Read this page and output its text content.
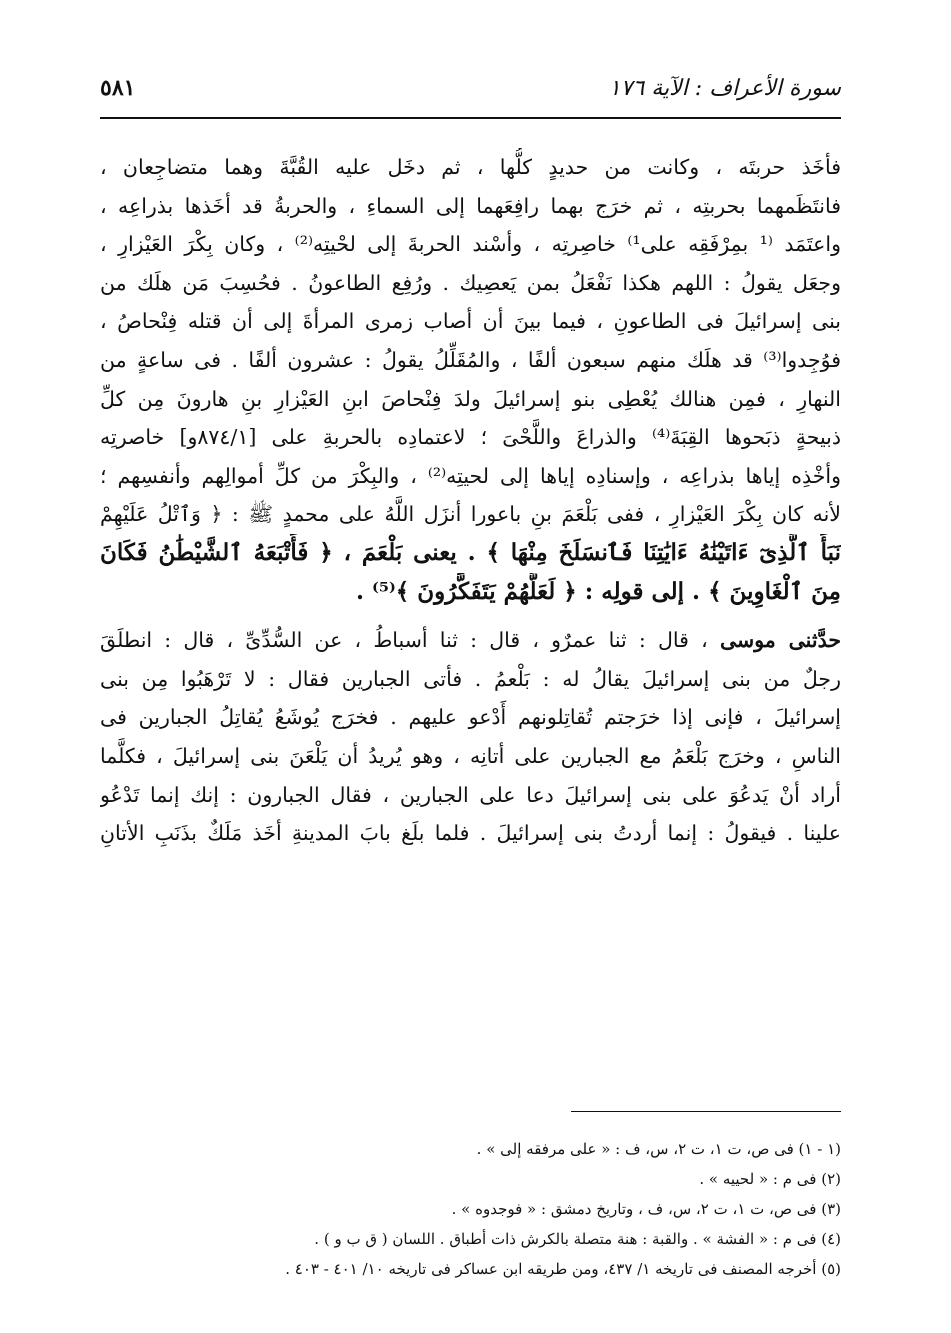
سورة الأعراف : الآية ١٧٦
٥٨١
فأخَذ حربتَه ، وكانت من حديدٍ كلُّها ، ثم دخَل عليه القُبَّةَ وهما متضاجِعان ،
فانتَظَمهما بحربتِه ، ثم خرَج بهما رافِعَهما إلى السماءِ ، والحربةُ قد أخَذها بذراعِه ،
واعتَمَد ⁽¹ بمِرْفَقِه على¹⁾ خاصِرتِه ، وأسْند الحربةَ إلى لحْيتِه⁽²⁾ ، وكان بِكْرَ العَيْزارِ ،
وجعَل يقولُ : اللهم هكذا نَفْعَلُ بمن يَعصِيك . ورُفِع الطاعونُ . فحُسِبَ مَن هلَك من
بنى إسرائيلَ فى الطاعونِ ، فيما بينَ أن أصاب زمرى المرأةَ إلى أن قتله فِنْحاصُ ،
فوُجِدوا⁽³⁾ قد هلَك منهم سبعون ألفًا ، والمُقَلِّلُ يقولُ : عشرون ألفًا . فى ساعةٍ من
النهارِ ، فمِن هنالك يُعْطِى بنو إسرائيلَ ولدَ فِنْحاصَ ابنِ العَيْزارِ بنِ هارونَ مِن كلِّ
ذبيحةٍ ذبَحوها القِبَةَ⁽⁴⁾ والذراعَ واللَّحْىَ ؛ لاعتمادِه بالحربةِ على [٨٧٤/١و] خاصرتِه
وأخْذِه إياها بذراعِه ، وإسنادِه إياها إلى لحيتِه⁽²⁾ ، والبِكْرَ من كلِّ أموالِهم وأنفسِهم ؛
لأنه كان بِكْرَ العَيْزارِ ، ففى بَلْعَمَ بنِ باعورا أنزَل اللَّهُ على محمدٍ ﷺ : ﴿ وَٱتْلُ عَلَيْهِمْ
نَبَأَ ٱلَّذِىٓ ءَاتَيْنَٰهُ ءَايَٰتِنَا فَٱنسَلَخَ مِنْهَا ﴾ . يعنى بَلْعَمَ ، ﴿ فَأَتْبَعَهُ ٱلشَّيْطَٰنُ فَكَانَ
مِنَ ٱلْغَاوِينَ ﴾ . إلى قولِه : ﴿ لَعَلَّهُمْ يَتَفَكَّرُونَ ﴾⁽⁵⁾ .
حدَّثنى موسى ، قال : ثنا عمرٌو ، قال : ثنا أسباطُ ، عن السُّدِّىِّ ، قال : انطلَقَ
رجلٌ من بنى إسرائيلَ يقالُ له : بَلْعمُ . فأتى الجبارين فقال : لا تَرْهَبُوا مِن بنى
إسرائيلَ ، فإنى إذا خرَجتم تُقاتِلونهم أَدْعو عليهم . فخرَج يُوشَعُ يُقاتِلُ الجبارين فى
الناسِ ، وخرَج بَلْعَمُ مع الجبارين على أتانِه ، وهو يُريدُ أن يَلْعَنَ بنى إسرائيلَ ، فكلَّما
أراد أنْ يَدعُوَ على بنى إسرائيلَ دعا على الجبارين ، فقال الجبارون : إنك إنما تَدْعُو
علينا . فيقولُ : إنما أردتُ بنى إسرائيلَ . فلما بلَغ بابَ المدينةِ أخَذ مَلَكٌ بذَنَبِ الأتانِ
(١ - ١) فى ص، ت ١، ت ٢، س، ف : « على مرفقه إلى » .
(٢) فى م : « لحييه » .
(٣) فى ص، ت ١، ت ٢، س، ف ، وتاريخ دمشق : « فوجدوه » .
(٤) فى م : « الفشة » . والقبة : هنة متصلة بالكرش ذات أطباق . اللسان ( ق ب و ) .
(٥) أخرجه المصنف فى تاريخه ١/ ٤٣٧، ومن طريقه ابن عساكر فى تاريخه ١٠/ ٤٠١ - ٤٠٣ .
